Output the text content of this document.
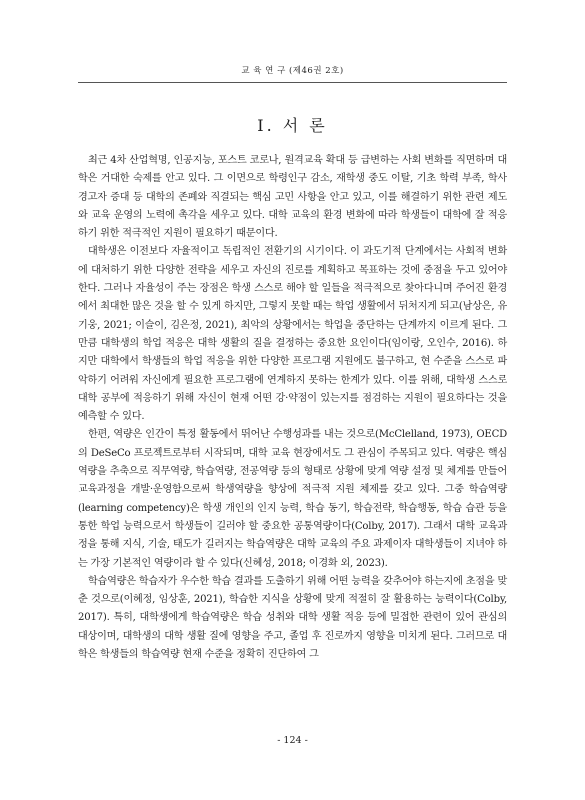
교 육 연 구 (제46권 2호)
Ⅰ. 서 론

최근 4차 산업혁명, 인공지능, 포스트 코로나, 원격교육 확대 등 급변하는 사회 변화를 직면하며 대학은 거대한 숙제를 안고 있다. 그 이면으로 학령인구 감소, 재학생 중도 이탈, 기초 학력 부족, 학사 경고자 증대 등 대학의 존폐와 직결되는 핵심 고민 사항을 안고 있고, 이를 해결하기 위한 관련 제도와 교육 운영의 노력에 촉각을 세우고 있다. 대학 교육의 환경 변화에 따라 학생들이 대학에 잘 적응하기 위한 적극적인 지원이 필요하기 때문이다.

대학생은 이전보다 자율적이고 독립적인 전환기의 시기이다. 이 과도기적 단계에서는 사회적 변화에 대처하기 위한 다양한 전략을 세우고 자신의 진로를 계획하고 목표하는 것에 중점을 두고 있어야 한다. 그러나 자율성이 주는 장점은 학생 스스로 해야 할 일들을 적극적으로 찾아다니며 주어진 환경에서 최대한 많은 것을 할 수 있게 하지만, 그렇지 못할 때는 학업 생활에서 뒤처지게 되고(남상은, 유기웅, 2021; 이슬이, 김은정, 2021), 최악의 상황에서는 학업을 중단하는 단계까지 이르게 된다. 그만큼 대학생의 학업 적응은 대학 생활의 질을 결정하는 중요한 요인이다(임이랑, 오인수, 2016). 하지만 대학에서 학생들의 학업 적응을 위한 다양한 프로그램 지원에도 불구하고, 현 수준을 스스로 파악하기 어려워 자신에게 필요한 프로그램에 연계하지 못하는 한계가 있다. 이를 위해, 대학생 스스로 대학 공부에 적응하기 위해 자신이 현재 어떤 강·약점이 있는지를 점검하는 지원이 필요하다는 것을 예측할 수 있다.

한편, 역량은 인간이 특정 활동에서 뛰어난 수행성과를 내는 것으로(McClelland, 1973), OECD의 DeSeCo 프로젝트로부터 시작되며, 대학 교육 현장에서도 그 관심이 주목되고 있다. 역량은 핵심역량을 추축으로 직무역량, 학습역량, 전공역량 등의 형태로 상황에 맞게 역량 설정 및 체계를 만들어 교육과정을 개발·운영함으로써 학생역량을 향상에 적극적 지원 체제를 갖고 있다. 그중 학습역량(learning competency)은 학생 개인의 인지 능력, 학습 동기, 학습전략, 학습행동, 학습 습관 등을 통한 학업 능력으로서 학생들이 길러야 할 중요한 공통역량이다(Colby, 2017). 그래서 대학 교육과정을 통해 지식, 기술, 태도가 길러지는 학습역량은 대학 교육의 주요 과제이자 대학생들이 지녀야 하는 가장 기본적인 역량이라 할 수 있다(신혜성, 2018; 이경화 외, 2023).

학습역량은 학습자가 우수한 학습 결과를 도출하기 위해 어떤 능력을 갖추어야 하는지에 초점을 맞춘 것으로(이혜정, 임상훈, 2021), 학습한 지식을 상황에 맞게 적절히 잘 활용하는 능력이다(Colby, 2017). 특히, 대학생에게 학습역량은 학습 성취와 대학 생활 적응 등에 밀접한 관련이 있어 관심의 대상이며, 대학생의 대학 생활 질에 영향을 주고, 졸업 후 진로까지 영향을 미치게 된다. 그러므로 대학은 학생들의 학습역량 현재 수준을 정확히 진단하여 그

- 124 -
